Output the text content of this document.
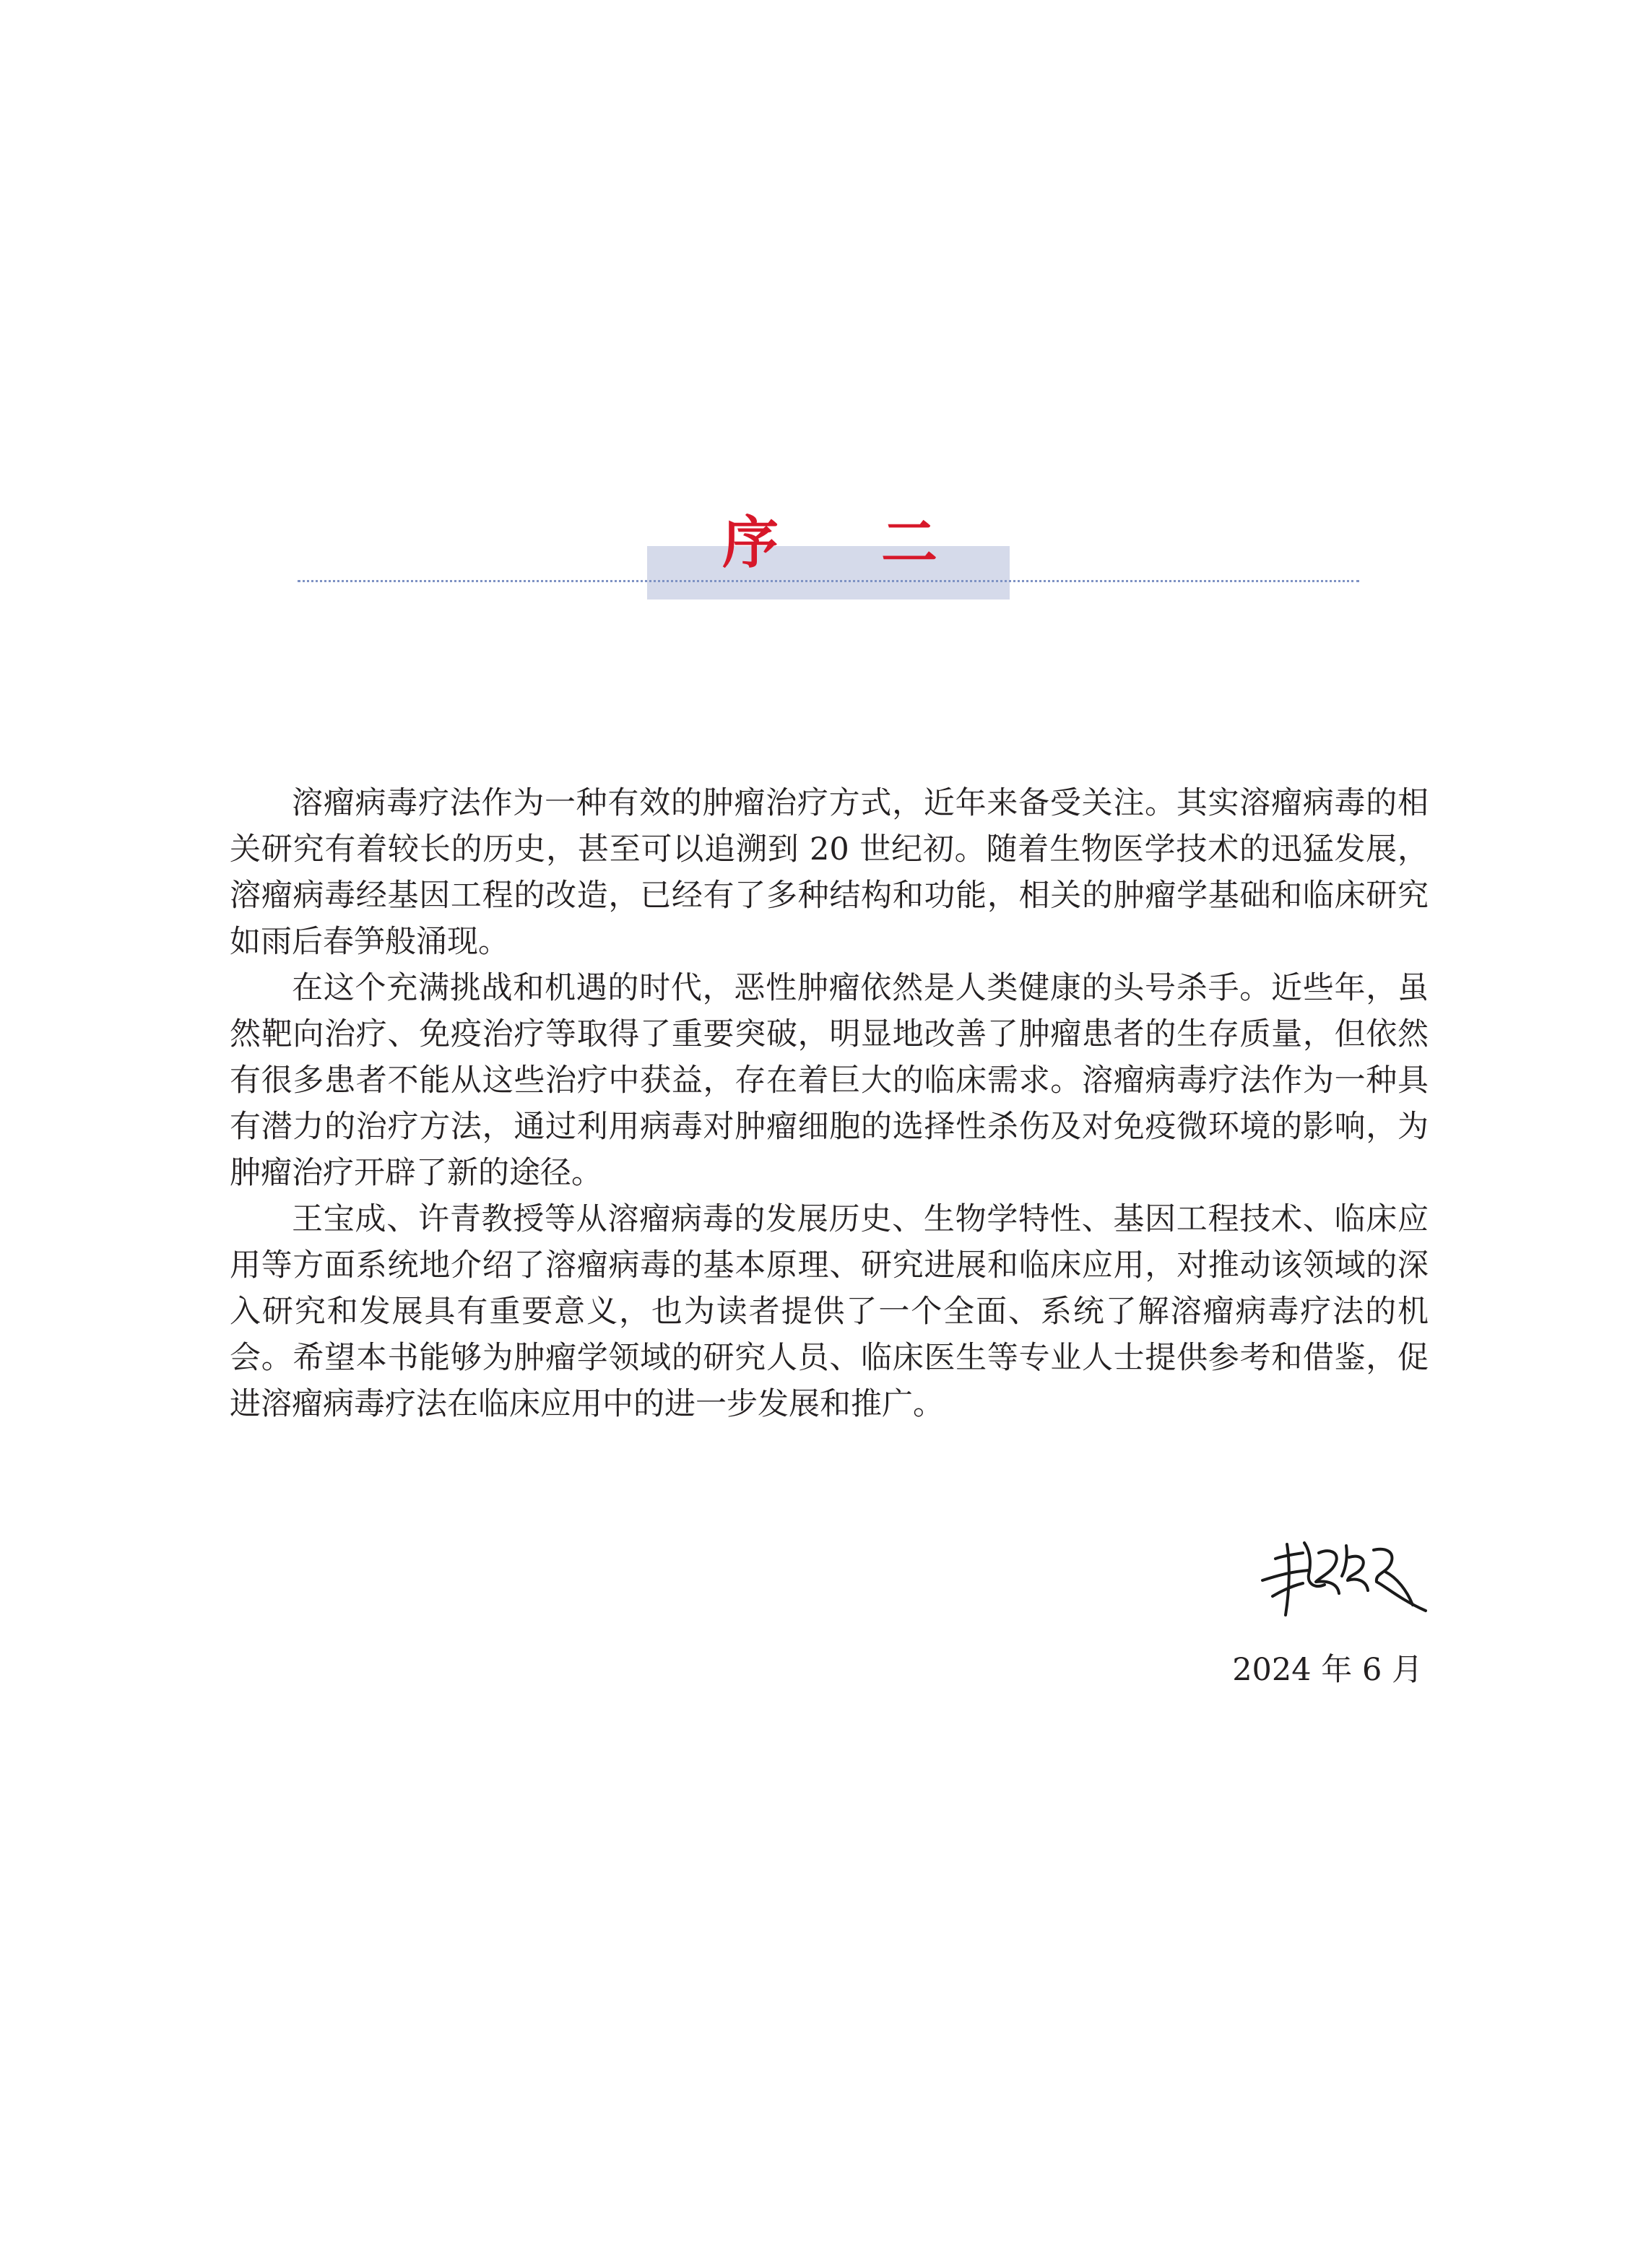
序 二

溶瘤病毒疗法作为一种有效的肿瘤治疗方式，近年来备受关注。其实溶瘤病毒的相关研究有着较长的历史，甚至可以追溯到 20 世纪初。随着生物医学技术的迅猛发展，溶瘤病毒经基因工程的改造，已经有了多种结构和功能，相关的肿瘤学基础和临床研究如雨后春笋般涌现。

在这个充满挑战和机遇的时代，恶性肿瘤依然是人类健康的头号杀手。近些年，虽然靶向治疗、免疫治疗等取得了重要突破，明显地改善了肿瘤患者的生存质量，但依然有很多患者不能从这些治疗中获益，存在着巨大的临床需求。溶瘤病毒疗法作为一种具有潜力的治疗方法，通过利用病毒对肿瘤细胞的选择性杀伤及对免疫微环境的影响，为肿瘤治疗开辟了新的途径。

王宝成、许青教授等从溶瘤病毒的发展历史、生物学特性、基因工程技术、临床应用等方面系统地介绍了溶瘤病毒的基本原理、研究进展和临床应用，对推动该领域的深入研究和发展具有重要意义，也为读者提供了一个全面、系统了解溶瘤病毒疗法的机会。希望本书能够为肿瘤学领域的研究人员、临床医生等专业人士提供参考和借鉴，促进溶瘤病毒疗法在临床应用中的进一步发展和推广。

2024 年 6 月
